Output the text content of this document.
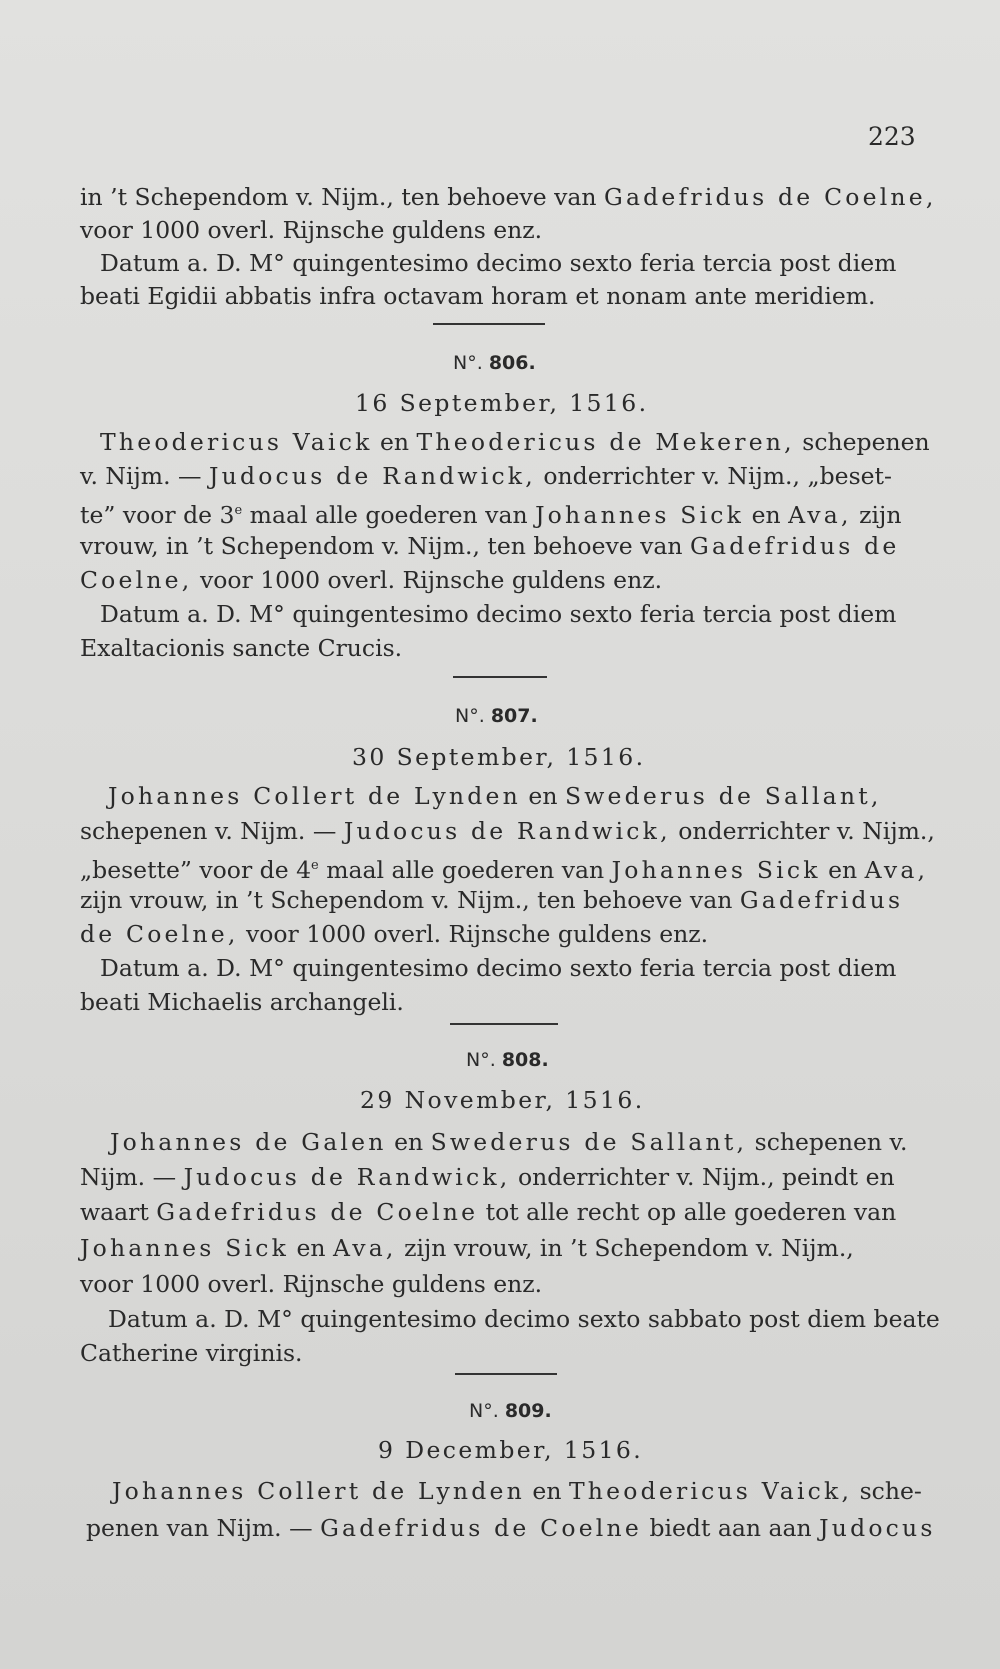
223
in ’t Schependom v. Nijm., ten behoeve van Gadefridus de Coelne,
voor 1000 overl. Rijnsche guldens enz.
Datum a. D. M° quingentesimo decimo sexto feria tercia post diem
beati Egidii abbatis infra octavam horam et nonam ante meridiem.
N°. 806.
16 September, 1516.
Theodericus Vaick en Theodericus de Mekeren, schepenen
v. Nijm. — Judocus de Randwick, onderrichter v. Nijm., „beset-
te” voor de 3e maal alle goederen van Johannes Sick en Ava, zijn
vrouw, in ’t Schependom v. Nijm., ten behoeve van Gadefridus de
Coelne, voor 1000 overl. Rijnsche guldens enz.
Datum a. D. M° quingentesimo decimo sexto feria tercia post diem
Exaltacionis sancte Crucis.
N°. 807.
30 September, 1516.
Johannes Collert de Lynden en Swederus de Sallant,
schepenen v. Nijm. — Judocus de Randwick, onderrichter v. Nijm.,
„besette” voor de 4e maal alle goederen van Johannes Sick en Ava,
zijn vrouw, in ’t Schependom v. Nijm., ten behoeve van Gadefridus
de Coelne, voor 1000 overl. Rijnsche guldens enz.
Datum a. D. M° quingentesimo decimo sexto feria tercia post diem
beati Michaelis archangeli.
N°. 808.
29 November, 1516.
Johannes de Galen en Swederus de Sallant, schepenen v.
Nijm. — Judocus de Randwick, onderrichter v. Nijm., peindt en
waart Gadefridus de Coelne tot alle recht op alle goederen van
Johannes Sick en Ava, zijn vrouw, in ’t Schependom v. Nijm.,
voor 1000 overl. Rijnsche guldens enz.
Datum a. D. M° quingentesimo decimo sexto sabbato post diem beate
Catherine virginis.
N°. 809.
9 December, 1516.
Johannes Collert de Lynden en Theodericus Vaick, sche-
penen van Nijm. — Gadefridus de Coelne biedt aan aan Judocus
